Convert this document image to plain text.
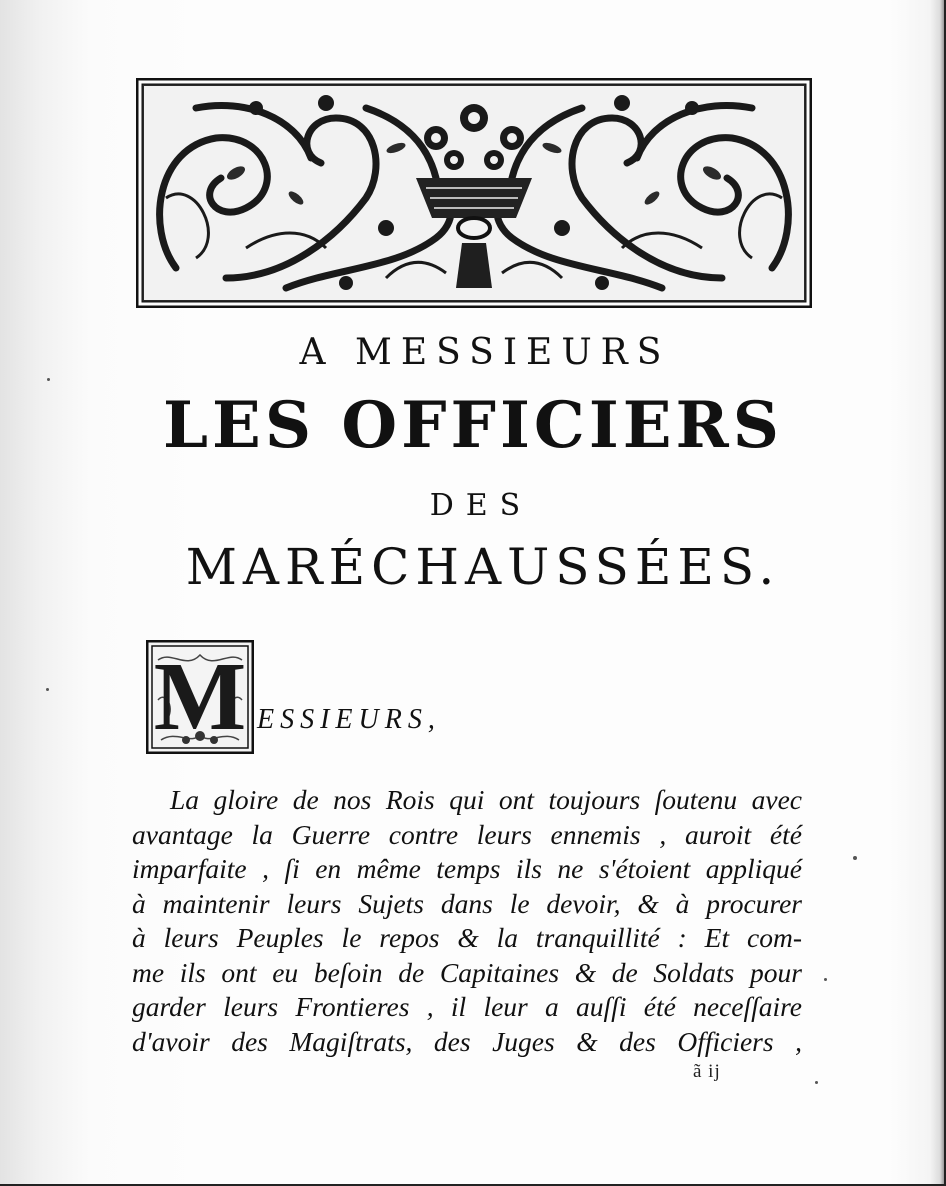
A MESSIEURS
LES OFFICIERS
DES
MARÉCHAUSSÉES.
M ESSIEURS,
La gloire de nos Rois qui ont toujours ſoutenu avec
avantage la Guerre contre leurs ennemis , auroit été
imparfaite , ſi en même temps ils ne s'étoient appliqué
à maintenir leurs Sujets dans le devoir, & à procurer
à leurs Peuples le repos & la tranquillité : Et com-
me ils ont eu beſoin de Capitaines & de Soldats pour
garder leurs Frontieres , il leur a auſſi été neceſſaire
d'avoir des Magiſtrats, des Juges & des Officiers ,
ã ij
